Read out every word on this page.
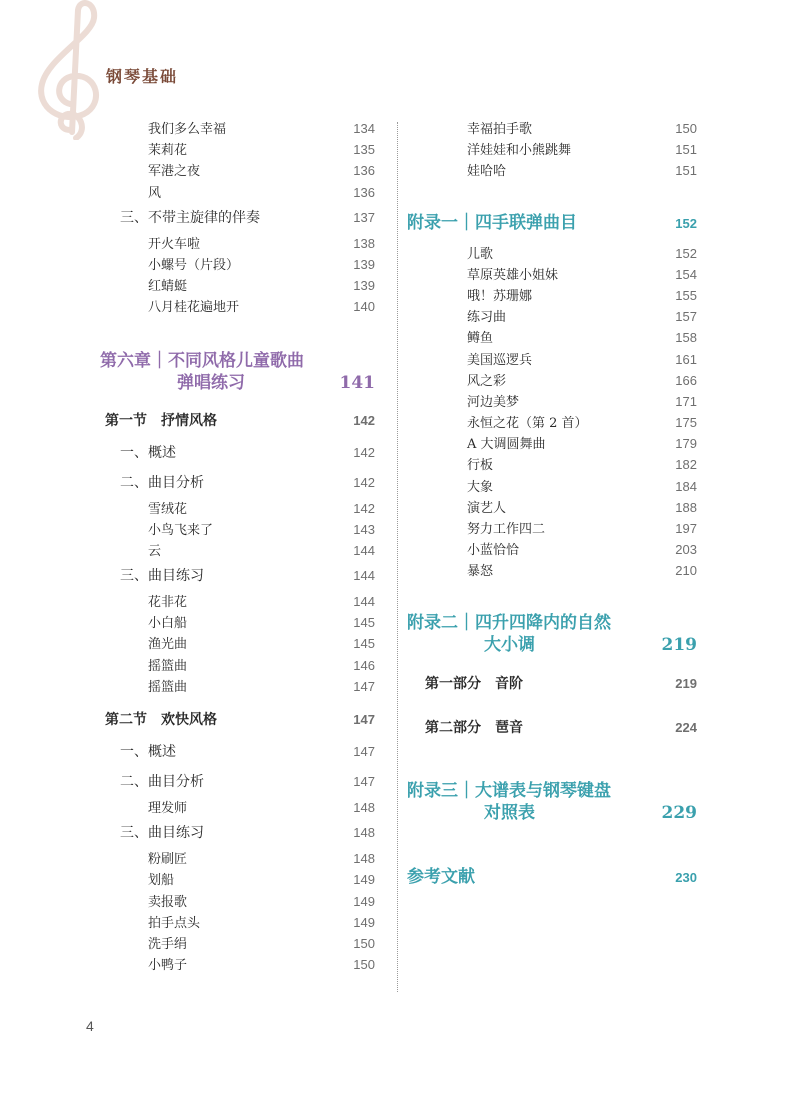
钢琴基础
我们多么幸福	134
茉莉花	135
军港之夜	136
风	136
三、不带主旋律的伴奏	137
开火车啦	138
小螺号（片段）	139
红蜻蜓	139
八月桂花遍地开	140
第六章｜不同风格儿童歌曲
弹唱练习	141
第一节 抒情风格	142
一、概述	142
二、曲目分析	142
雪绒花	142
小鸟飞来了	143
云	144
三、曲目练习	144
花非花	144
小白船	145
渔光曲	145
摇篮曲	146
摇篮曲	147
第二节 欢快风格	147
一、概述	147
二、曲目分析	147
理发师	148
三、曲目练习	148
粉刷匠	148
划船	149
卖报歌	149
拍手点头	149
洗手绢	150
小鸭子	150
幸福拍手歌	150
洋娃娃和小熊跳舞	151
娃哈哈	151
附录一｜四手联弹曲目	152
儿歌	152
草原英雄小姐妹	154
哦！苏珊娜	155
练习曲	157
鳟鱼	158
美国巡逻兵	161
风之彩	166
河边美梦	171
永恒之花（第 2 首）	175
A 大调圆舞曲	179
行板	182
大象	184
演艺人	188
努力工作四二	197
小蓝恰恰	203
暴怒	210
附录二｜四升四降内的自然
大小调	219
第一部分 音阶	219
第二部分 琶音	224
附录三｜大谱表与钢琴键盘
对照表	229
参考文献	230
4
